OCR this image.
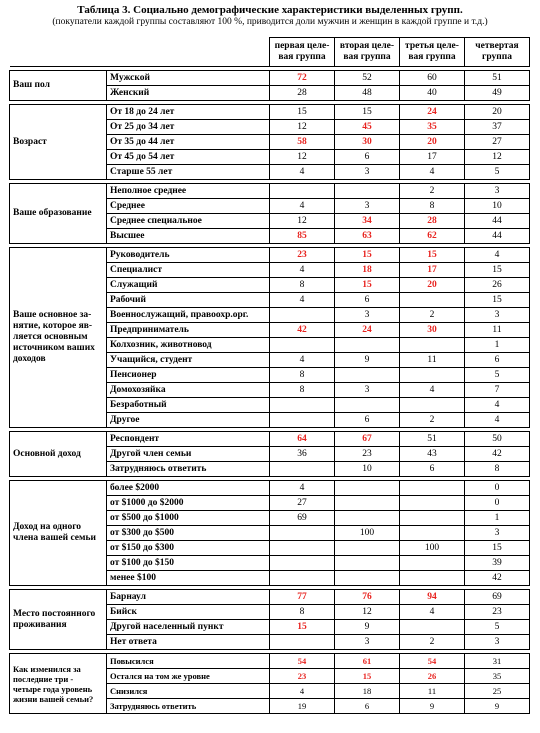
Таблица 3. Социально демографические характеристики выделенных групп.
(покупатели каждой группы составляют 100 %, приводится доли мужчин и женщин в каждой группе и т.д.)
		первая целе-вая группа	вторая целе-вая группа	третья целе-вая группа	четвертая группа

Ваш пол	Мужской	72	52	60	51
	Женский	28	48	40	49

Возраст	От 18 до 24 лет	15	15	24	20
	От 25 до 34 лет	12	45	35	37
	От 35 до 44 лет	58	30	20	27
	От 45 до 54 лет	12	6	17	12
	Старше 55 лет	4	3	4	5

Ваше образование	Неполное среднее			2	3
	Среднее	4	3	8	10
	Среднее специальное	12	34	28	44
	Высшее	85	63	62	44

Ваше основное за-нятие, которое яв-ляется основным источником ваших доходов	Руководитель	23	15	15	4
	Специалист	4	18	17	15
	Служащий	8	15	20	26
	Рабочий	4	6		15
	Военнослужащий, правоохр.орг.		3	2	3
	Предприниматель	42	24	30	11
	Колхозник, животновод				1
	Учащийся, студент	4	9	11	6
	Пенсионер	8			5
	Домохозяйка	8	3	4	7
	Безработный				4
	Другое		6	2	4

Основной доход	Респондент	64	67	51	50
	Другой член семьи	36	23	43	42
	Затрудняюсь ответить		10	6	8

Доход на одного члена вашей семьи	более $2000	4			0
	от $1000 до $2000	27			0
	от $500 до $1000	69			1
	от $300 до $500		100		3
	от $150 до $300			100	15
	от $100 до $150				39
	менее $100				42

Место постоянного проживания	Барнаул	77	76	94	69
	Бийск	8	12	4	23
	Другой населенный пункт	15	9		5
	Нет ответа		3	2	3

Как изменился за последние три - четыре года уровень жизни вашей семьи?	Повысился	54	61	54	31
	Остался на том же уровне	23	15	26	35
	Снизился	4	18	11	25
	Затрудняюсь ответить	19	6	9	9
